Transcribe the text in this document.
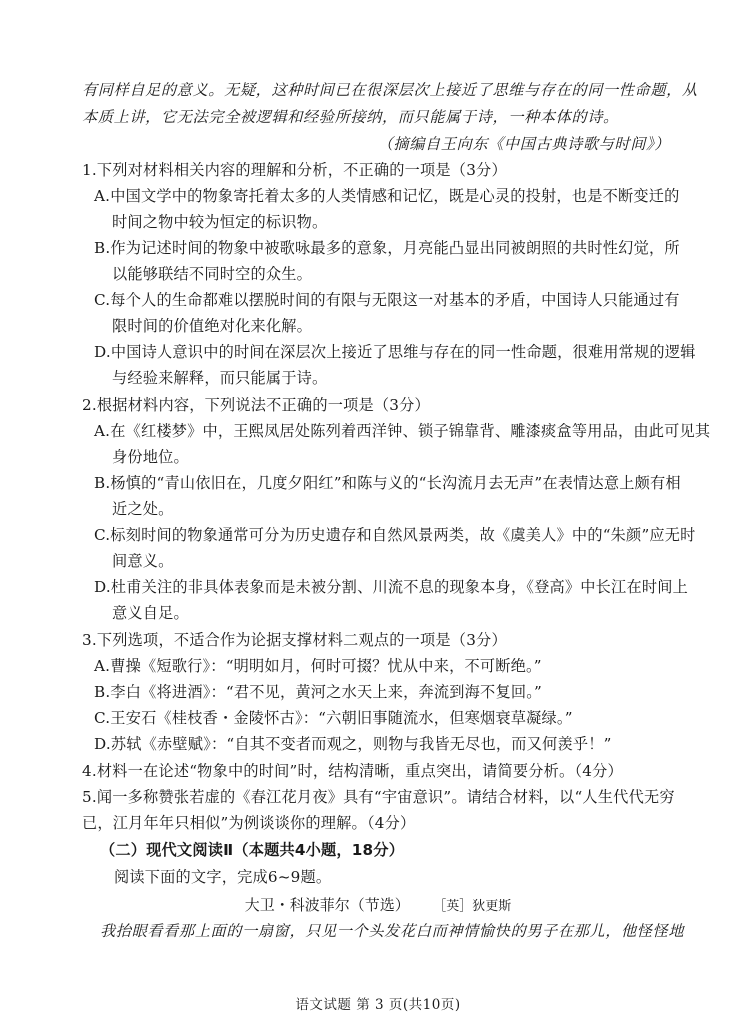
有同样自足的意义。无疑，这种时间已在很深层次上接近了思维与存在的同一性命题，从
本质上讲，它无法完全被逻辑和经验所接纳，而只能属于诗，一种本体的诗。
（摘编自王向东《中国古典诗歌与时间》）
1.下列对材料相关内容的理解和分析，不正确的一项是（3分）
A.中国文学中的物象寄托着太多的人类情感和记忆，既是心灵的投射，也是不断变迁的
时间之物中较为恒定的标识物。
B.作为记述时间的物象中被歌咏最多的意象，月亮能凸显出同被朗照的共时性幻觉，所
以能够联结不同时空的众生。
C.每个人的生命都难以摆脱时间的有限与无限这一对基本的矛盾，中国诗人只能通过有
限时间的价值绝对化来化解。
D.中国诗人意识中的时间在深层次上接近了思维与存在的同一性命题，很难用常规的逻辑
与经验来解释，而只能属于诗。
2.根据材料内容，下列说法不正确的一项是（3分）
A.在《红楼梦》中，王熙凤居处陈列着西洋钟、锁子锦靠背、雕漆痰盒等用品，由此可见其
身份地位。
B.杨慎的“青山依旧在，几度夕阳红”和陈与义的“长沟流月去无声”在表情达意上颇有相
近之处。
C.标刻时间的物象通常可分为历史遗存和自然风景两类，故《虞美人》中的“朱颜”应无时
间意义。
D.杜甫关注的非具体表象而是未被分割、川流不息的现象本身，《登高》中长江在时间上
意义自足。
3.下列选项，不适合作为论据支撑材料二观点的一项是（3分）
A.曹操《短歌行》：“明明如月，何时可掇？忧从中来，不可断绝。”
B.李白《将进酒》：“君不见，黄河之水天上来，奔流到海不复回。”
C.王安石《桂枝香・金陵怀古》：“六朝旧事随流水，但寒烟衰草凝绿。”
D.苏轼《赤壁赋》：“自其不变者而观之，则物与我皆无尽也，而又何羡乎！”
4.材料一在论述“物象中的时间”时，结构清晰，重点突出，请简要分析。（4分）
5.闻一多称赞张若虚的《春江花月夜》具有“宇宙意识”。请结合材料，以“人生代代无穷
已，江月年年只相似”为例谈谈你的理解。（4分）
（二）现代文阅读Ⅱ（本题共4小题，18分）
阅读下面的文字，完成6~9题。
大卫・科波菲尔（节选） ［英］狄更斯
我抬眼看看那上面的一扇窗，只见一个头发花白而神情愉快的男子在那儿，他怪怪地
语文试题 第 3 页(共10页)
